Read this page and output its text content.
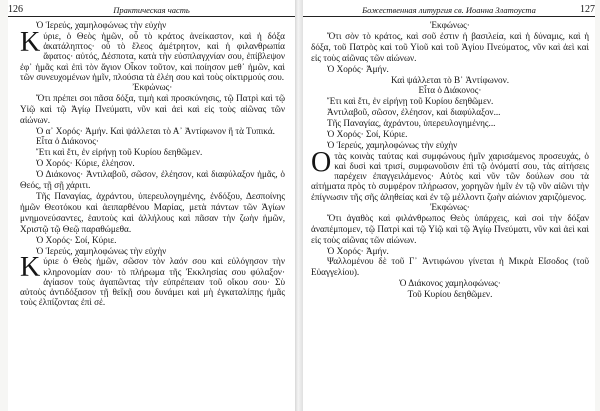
126	Практическая часть

Ὁ Ἱερεύς, χαμηλοφώνως τὴν εὐχὴν

Κύριε, ὁ Θεὸς ἡμῶν, οὗ τὸ κράτος ἀνείκαστον, καὶ ἡ δόξα ἀκατάληπτος· οὗ τὸ ἔλεος ἀμέτρητον, καὶ ἡ φιλανθρωπία ἄφατος· αὐτός, Δέσποτα, κατὰ τὴν εὐσπλαγχνίαν σου, ἐπίβλεψον ἐφ᾿ ἡμᾶς καὶ ἐπὶ τὸν ἅγιον Οἶκον τοῦτον, καὶ ποίησον μεθ᾿ ἡμῶν, καὶ τῶν συνευχομένων ἡμῖν, πλούσια τὰ ἐλέη σου καὶ τοὺς οἰκτιρμούς σου.

Ἐκφώνως·

Ὅτι πρέπει σοι πᾶσα δόξα, τιμὴ καὶ προσκύνησις, τῷ Πατρὶ καὶ τῷ Υἱῷ καὶ τῷ Ἁγίῳ Πνεύματι, νῦν καὶ ἀεὶ καὶ εἰς τοὺς αἰῶνας τῶν αἰώνων.

Ὁ α᾿ Χορός· Ἀμήν. Καὶ ψάλλεται τὸ Α᾿ Ἀντίφωνον ἢ τὰ Τυπικά.

Εἶτα ὁ Διάκονος·

Ἔτι καὶ ἔτι, ἐν εἰρήνῃ τοῦ Κυρίου δεηθῶμεν.

Ὁ Χορός· Κύριε, ἐλέησον.

Ὁ Διάκονος· Ἀντιλαβοῦ, σῶσον, ἐλέησον, καὶ διαφύλαξον ἡμᾶς, ὁ Θεός, τῇ σῇ χάριτι.

Τῆς Παναγίας, ἀχράντου, ὑπερευλογημένης, ἐνδόξου, Δεσποίνης ἡμῶν Θεοτόκου καὶ ἀειπαρθένου Μαρίας, μετὰ πάντων τῶν Ἁγίων μνημονεύσαντες, ἑαυτοὺς καὶ ἀλλήλους καὶ πᾶσαν τὴν ζωὴν ἡμῶν, Χριστῷ τῷ Θεῷ παραθώμεθα.

Ὁ Χορός· Σοί, Κύριε.

Ὁ Ἱερεύς, χαμηλοφώνως τὴν εὐχὴν

Κύριε ὁ Θεὸς ἡμῶν, σῶσον τὸν λαόν σου καὶ εὐλόγησον τὴν κληρονομίαν σου· τὸ πλήρωμα τῆς Ἐκκλησίας σου φύλαξον· ἁγίασον τοὺς ἀγαπῶντας τὴν εὐπρέπειαν τοῦ οἴκου σου· Σὺ αὐτοὺς ἀντιδόξασον τῇ θεϊκῇ σου δυνάμει καὶ μὴ ἐγκαταλίπῃς ἡμᾶς τοὺς ἐλπίζοντας ἐπὶ σέ.

Божественная литургия св. Иоанна Златоуста	127

Ἐκφώνως·

Ὅτι σὸν τὸ κράτος, καὶ σοῦ ἐστιν ἡ βασιλεία, καὶ ἡ δύναμις, καὶ ἡ δόξα, τοῦ Πατρὸς καὶ τοῦ Υἱοῦ καὶ τοῦ Ἁγίου Πνεύματος, νῦν καὶ ἀεὶ καὶ εἰς τοὺς αἰῶνας τῶν αἰώνων.

Ὁ Χορός· Ἀμήν.

Καὶ ψάλλεται τὸ Β᾿ Ἀντίφωνον.

Εἶτα ὁ Διάκονος·

Ἔτι καὶ ἔτι, ἐν εἰρήνῃ τοῦ Κυρίου δεηθῶμεν.

Ἀντιλαβοῦ, σῶσον, ἐλέησον, καὶ διαφύλαξον...

Τῆς Παναγίας, ἀχράντου, ὑπερευλογημένης...

Ὁ Χορός· Σοί, Κύριε.

Ὁ Ἱερεύς, χαμηλοφώνως τὴν εὐχὴν

Οτὰς κοινὰς ταύτας καὶ συμφώνους ἡμῖν χαρισάμενος προσευχάς, ὁ καὶ δυσὶ καὶ τρισί, συμφωνοῦσιν ἐπὶ τῷ ὀνόματί σου, τὰς αἰτήσεις παρέχειν ἐπαγγειλάμενος· Αὐτὸς καὶ νῦν τῶν δούλων σου τὰ αἰτήματα πρὸς τὸ συμφέρον πλήρωσον, χορηγῶν ἡμῖν ἐν τῷ νῦν αἰῶνι τὴν ἐπίγνωσιν τῆς σῆς ἀληθείας καὶ ἐν τῷ μέλλοντι ζωὴν αἰώνιον χαριζόμενος.

Ἐκφώνως·

Ὅτι ἀγαθὸς καὶ φιλάνθρωπος Θεὸς ὑπάρχεις, καὶ σοὶ τὴν δόξαν ἀναπέμπομεν, τῷ Πατρὶ καὶ τῷ Υἱῷ καὶ τῷ Ἁγίῳ Πνεύματι, νῦν καὶ ἀεὶ καὶ εἰς τοὺς αἰῶνας τῶν αἰώνων.

Ὁ Χορός· Ἀμήν.

Ψαλλομένου δὲ τοῦ Γ᾿ Ἀντιφώνου γίνεται ἡ Μικρὰ Εἴσοδος (τοῦ Εὐαγγελίου).

Ὁ Διάκονος χαμηλοφώνως·

Τοῦ Κυρίου δεηθῶμεν.
